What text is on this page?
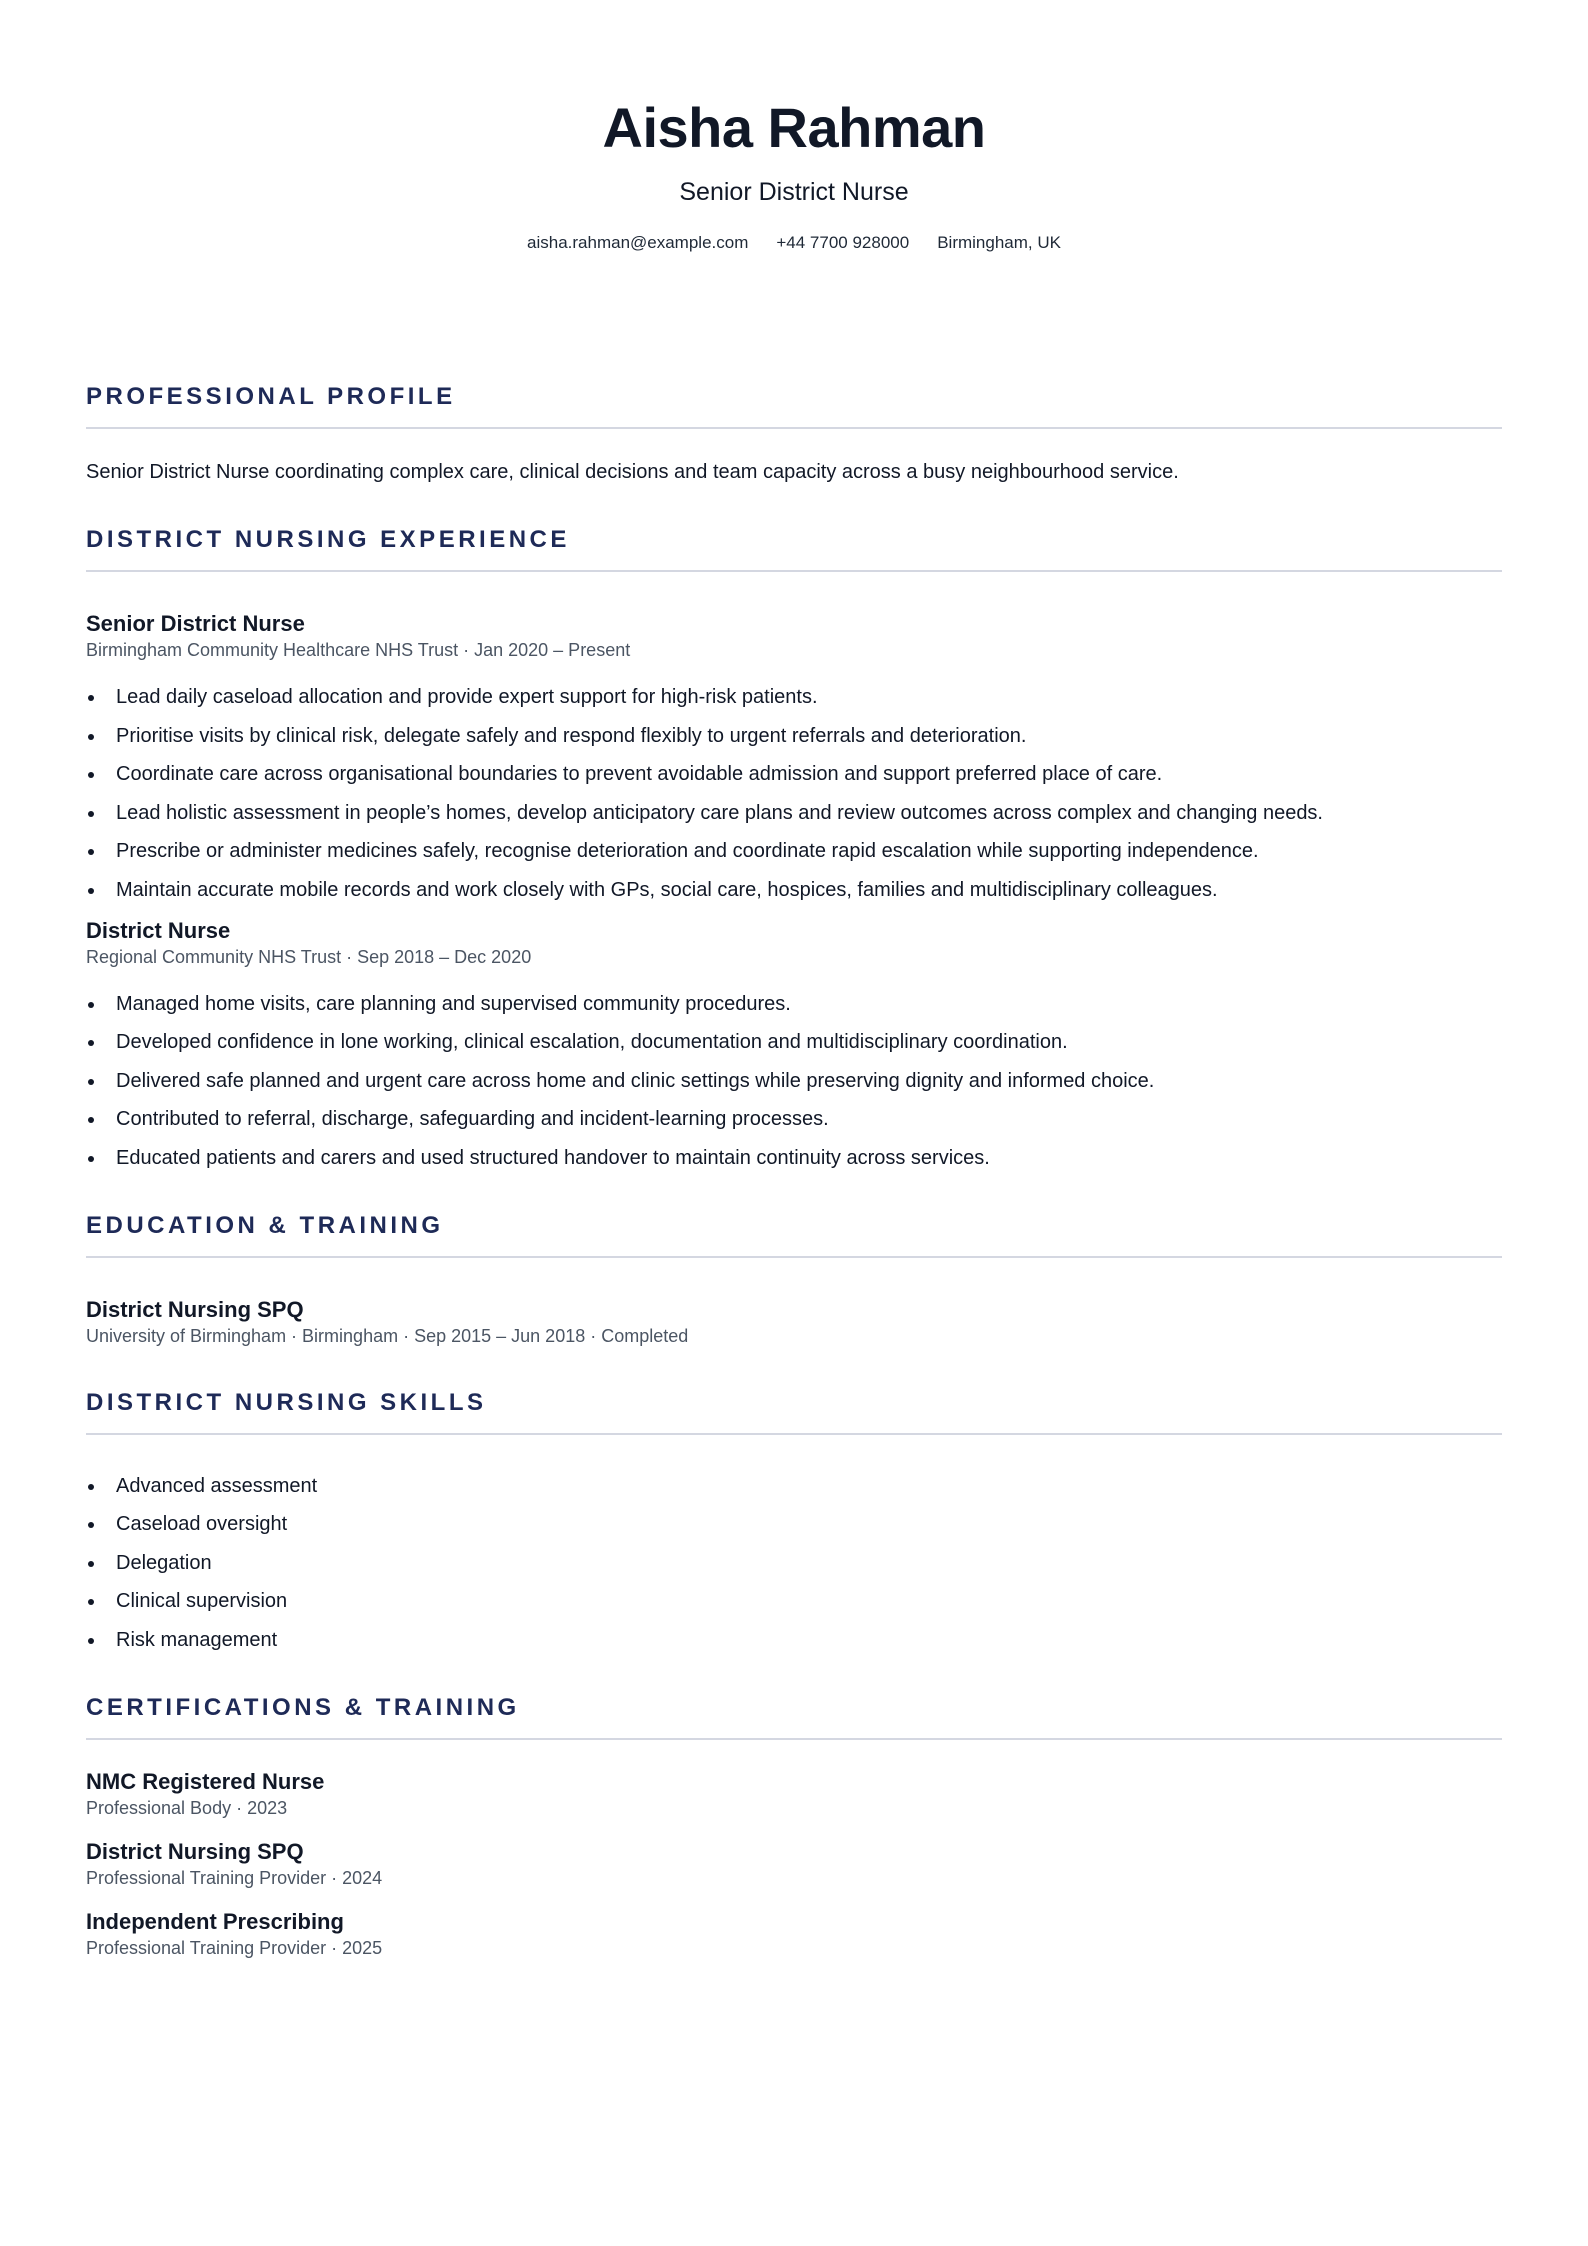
Aisha Rahman
Senior District Nurse
aisha.rahman@example.com +44 7700 928000 Birmingham, UK
PROFESSIONAL PROFILE

Senior District Nurse coordinating complex care, clinical decisions and team capacity across a busy neighbourhood service.

DISTRICT NURSING EXPERIENCE
Senior District Nurse
Birmingham Community Healthcare NHS Trust · Jan 2020 – Present
Lead daily caseload allocation and provide expert support for high-risk patients.
Prioritise visits by clinical risk, delegate safely and respond flexibly to urgent referrals and deterioration.
Coordinate care across organisational boundaries to prevent avoidable admission and support preferred place of care.
Lead holistic assessment in people’s homes, develop anticipatory care plans and review outcomes across complex and changing needs.
Prescribe or administer medicines safely, recognise deterioration and coordinate rapid escalation while supporting independence.
Maintain accurate mobile records and work closely with GPs, social care, hospices, families and multidisciplinary colleagues.
District Nurse
Regional Community NHS Trust · Sep 2018 – Dec 2020
Managed home visits, care planning and supervised community procedures.
Developed confidence in lone working, clinical escalation, documentation and multidisciplinary coordination.
Delivered safe planned and urgent care across home and clinic settings while preserving dignity and informed choice.
Contributed to referral, discharge, safeguarding and incident-learning processes.
Educated patients and carers and used structured handover to maintain continuity across services.
EDUCATION & TRAINING
District Nursing SPQ
University of Birmingham · Birmingham · Sep 2015 – Jun 2018 · Completed
DISTRICT NURSING SKILLS
Advanced assessment
Caseload oversight
Delegation
Clinical supervision
Risk management
CERTIFICATIONS & TRAINING
NMC Registered Nurse
Professional Body · 2023
District Nursing SPQ
Professional Training Provider · 2024
Independent Prescribing
Professional Training Provider · 2025
